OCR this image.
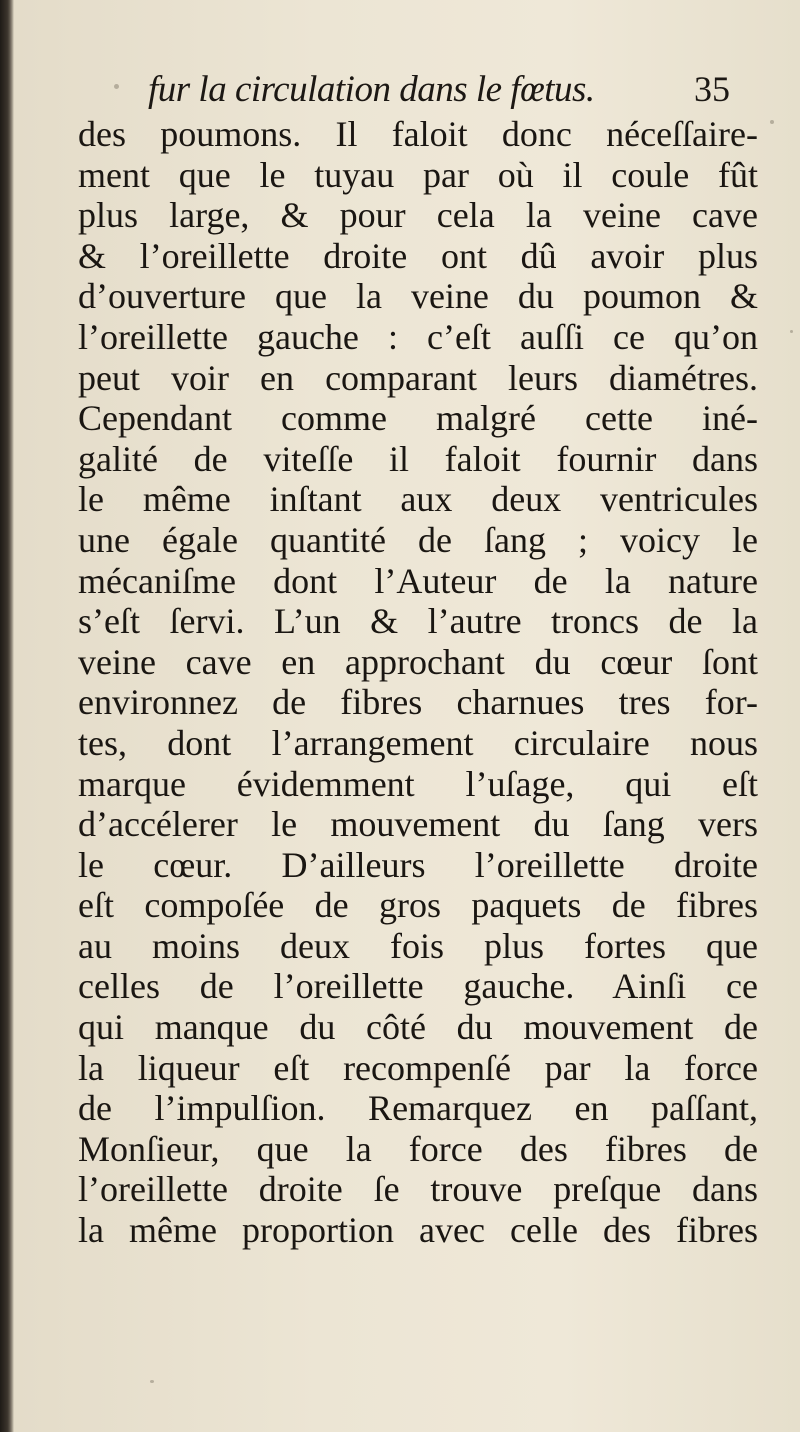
fur la circulation dans le fœtus.	35
des poumons. Il faloit donc néceſſaire-
ment que le tuyau par où il coule fût
plus large, & pour cela la veine cave
& l’oreillette droite ont dû avoir plus
d’ouverture que la veine du poumon &
l’oreillette gauche : c’eſt auſſi ce qu’on
peut voir en comparant leurs diamétres.
Cependant comme malgré cette iné-
galité de viteſſe il faloit fournir dans
le même inſtant aux deux ventricules
une égale quantité de ſang ; voicy le
mécaniſme dont l’Auteur de la nature
s’eſt ſervi. L’un & l’autre troncs de la
veine cave en approchant du cœur ſont
environnez de fibres charnues tres for-
tes, dont l’arrangement circulaire nous
marque évidemment l’uſage, qui eſt
d’accélerer le mouvement du ſang vers
le cœur. D’ailleurs l’oreillette droite
eſt compoſée de gros paquets de fibres
au moins deux fois plus fortes que
celles de l’oreillette gauche. Ainſi ce
qui manque du côté du mouvement de
la liqueur eſt recompenſé par la force
de l’impulſion. Remarquez en paſſant,
Monſieur, que la force des fibres de
l’oreillette droite ſe trouve preſque dans
la même proportion avec celle des fibres
